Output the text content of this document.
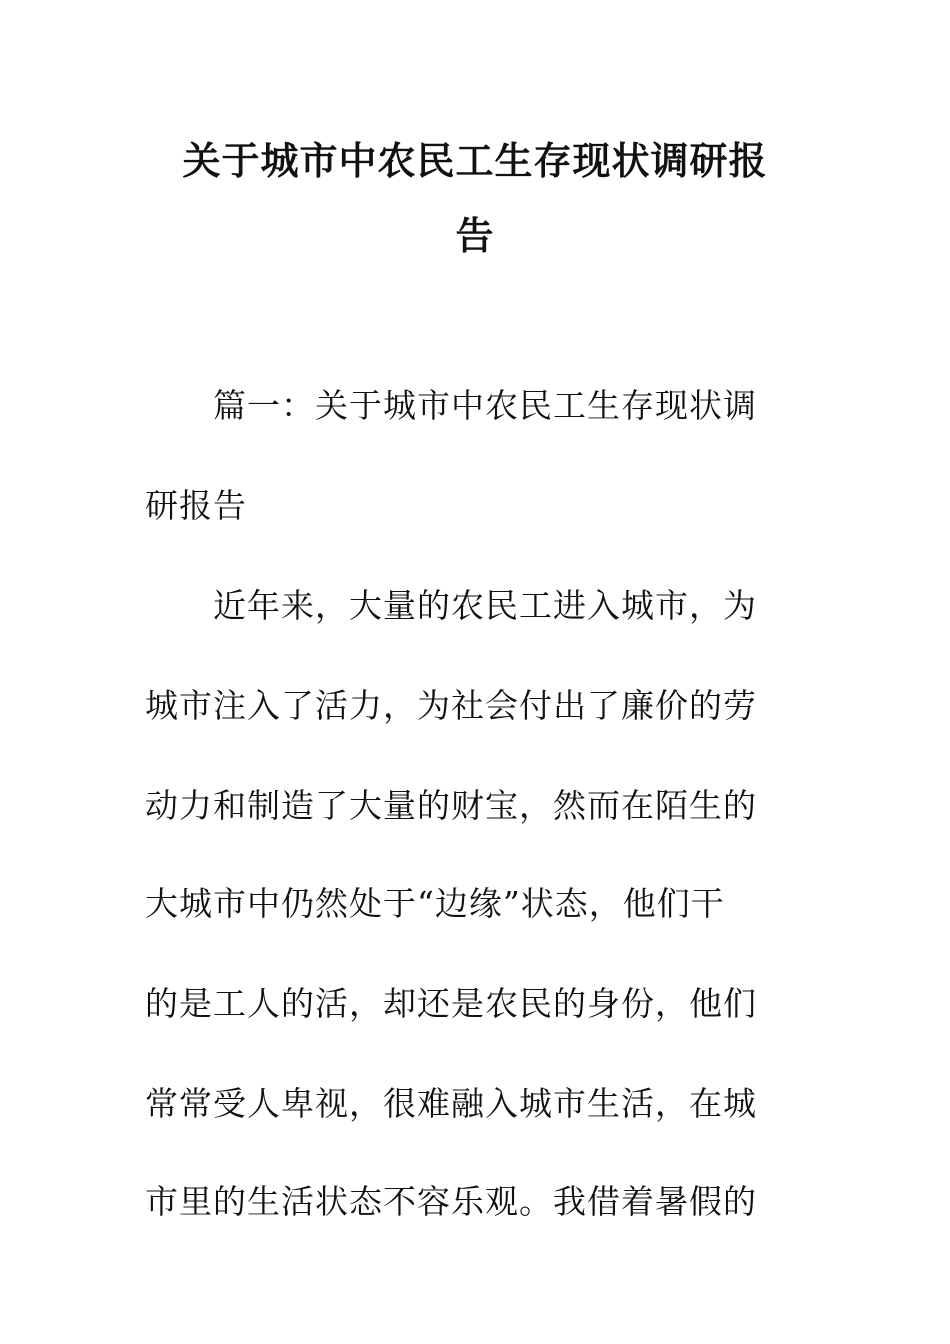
关于城市中农民工生存现状调研报
告
篇一：关于城市中农民工生存现状调
研报告
近年来，大量的农民工进入城市，为
城市注入了活力，为社会付出了廉价的劳
动力和制造了大量的财宝，然而在陌生的
大城市中仍然处于“边缘”状态，他们干
的是工人的活，却还是农民的身份，他们
常常受人卑视，很难融入城市生活，在城
市里的生活状态不容乐观。我借着暑假的
